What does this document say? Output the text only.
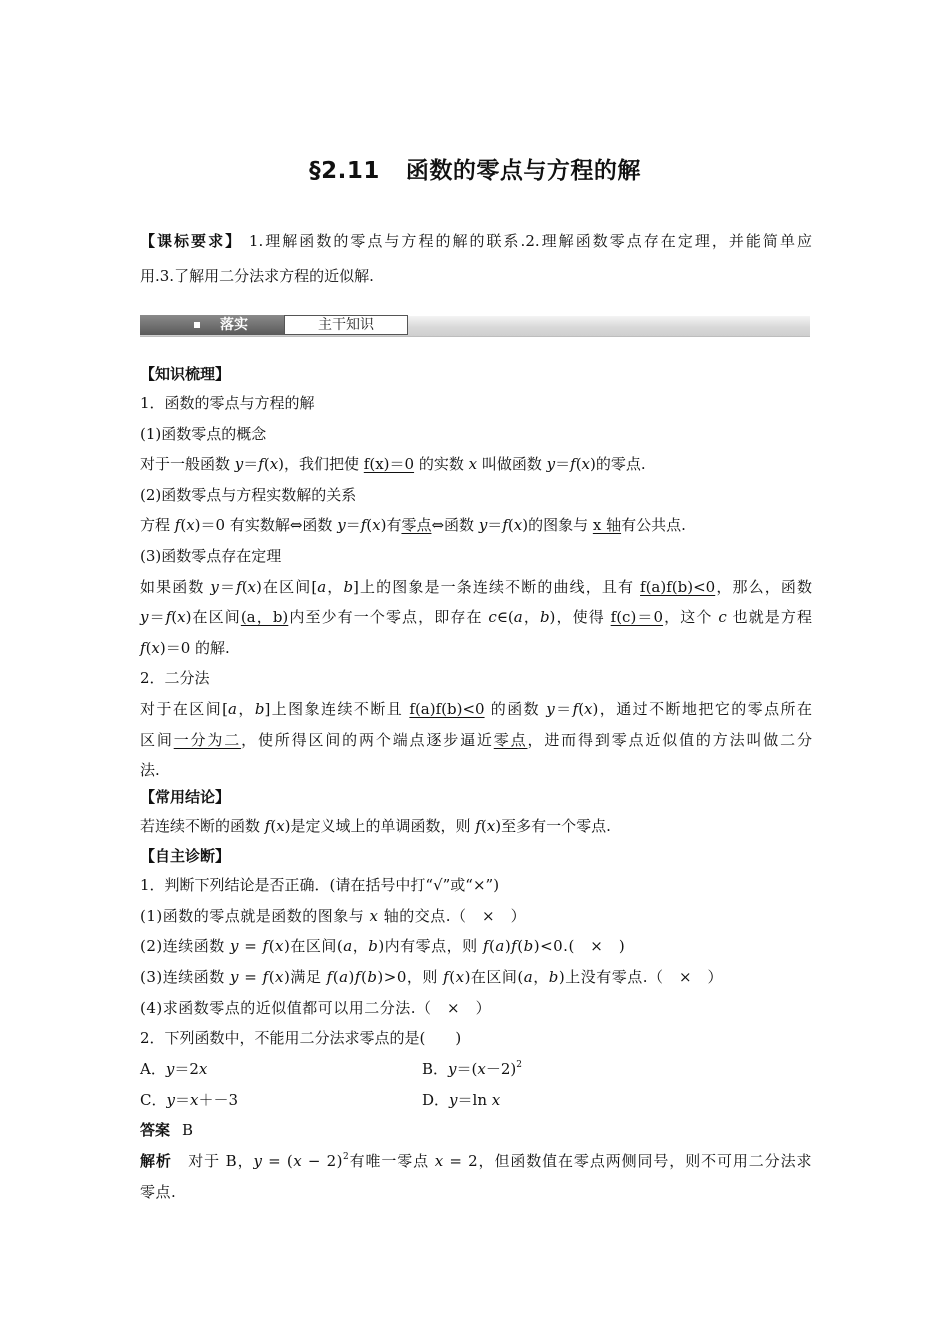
§2.11 函数的零点与方程的解
【课标要求】 1.理解函数的零点与方程的解的联系.2.理解函数零点存在定理，并能简单应
用.3.了解用二分法求方程的近似解.
落实	主干知识
【知识梳理】
1．函数的零点与方程的解
(1)函数零点的概念
对于一般函数 y＝f(x)，我们把使 f(x)＝0 的实数 x 叫做函数 y＝f(x)的零点.
(2)函数零点与方程实数解的关系
方程 f(x)＝0 有实数解⇔函数 y＝f(x)有零点⇔函数 y＝f(x)的图象与 x 轴有公共点.
(3)函数零点存在定理
如果函数 y＝f(x)在区间[a，b]上的图象是一条连续不断的曲线，且有 f(a)f(b)<0，那么，函数
y＝f(x)在区间(a，b)内至少有一个零点，即存在 c∈(a，b)，使得 f(c)＝0，这个 c 也就是方程
f(x)＝0 的解.
2．二分法
对于在区间[a，b]上图象连续不断且 f(a)f(b)<0 的函数 y＝f(x)，通过不断地把它的零点所在
区间一分为二，使所得区间的两个端点逐步逼近零点，进而得到零点近似值的方法叫做二分
法.
【常用结论】
若连续不断的函数 f(x)是定义域上的单调函数，则 f(x)至多有一个零点.
【自主诊断】
1．判断下列结论是否正确．(请在括号中打“√”或“×”)
(1)函数的零点就是函数的图象与 x 轴的交点.（　×　）
(2)连续函数 y = f(x)在区间(a，b)内有零点，则 f(a)f(b)<0.(　×　)
(3)连续函数 y = f(x)满足 f(a)f(b)>0，则 f(x)在区间(a，b)上没有零点.（　×　）
(4)求函数零点的近似值都可以用二分法.（　×　）
2．下列函数中，不能用二分法求零点的是(　　)
A．y＝2x	B．$y=(x-2)^2$
C．y＝x＋－3	D．y＝ln x
答案 B
解析 对于 B，$y = (x - 2)^2$有唯一零点 x = 2，但函数值在零点两侧同号，则不可用二分法求
零点.
